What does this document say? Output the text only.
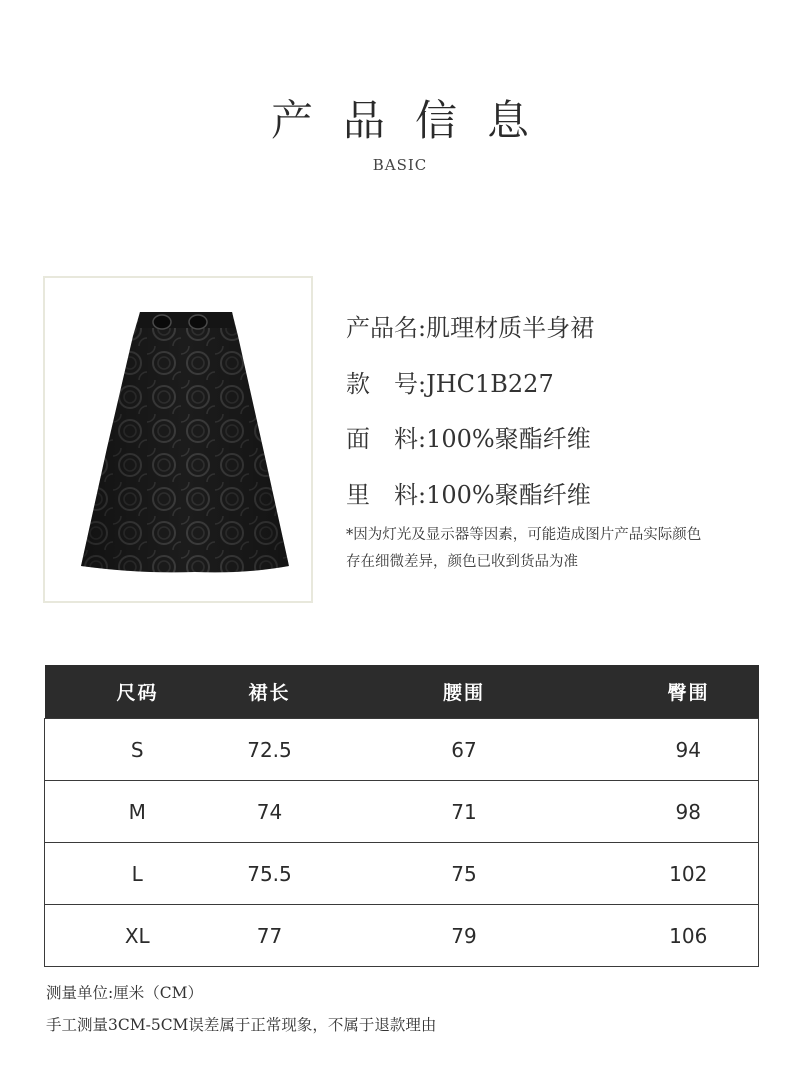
产品信息
BASIC
产品名:肌理材质半身裙
款　号:JHC1B227
面　料:100%聚酯纤维
里　料:100%聚酯纤维
*因为灯光及显示器等因素，可能造成图片产品实际颜色
存在细微差异，颜色已收到货品为准
尺码	裙长	腰围	臀围
S	72.5	67	94
M	74	71	98
L	75.5	75	102
XL	77	79	106
测量单位:厘米（CM）
手工测量3CM-5CM误差属于正常现象，不属于退款理由
